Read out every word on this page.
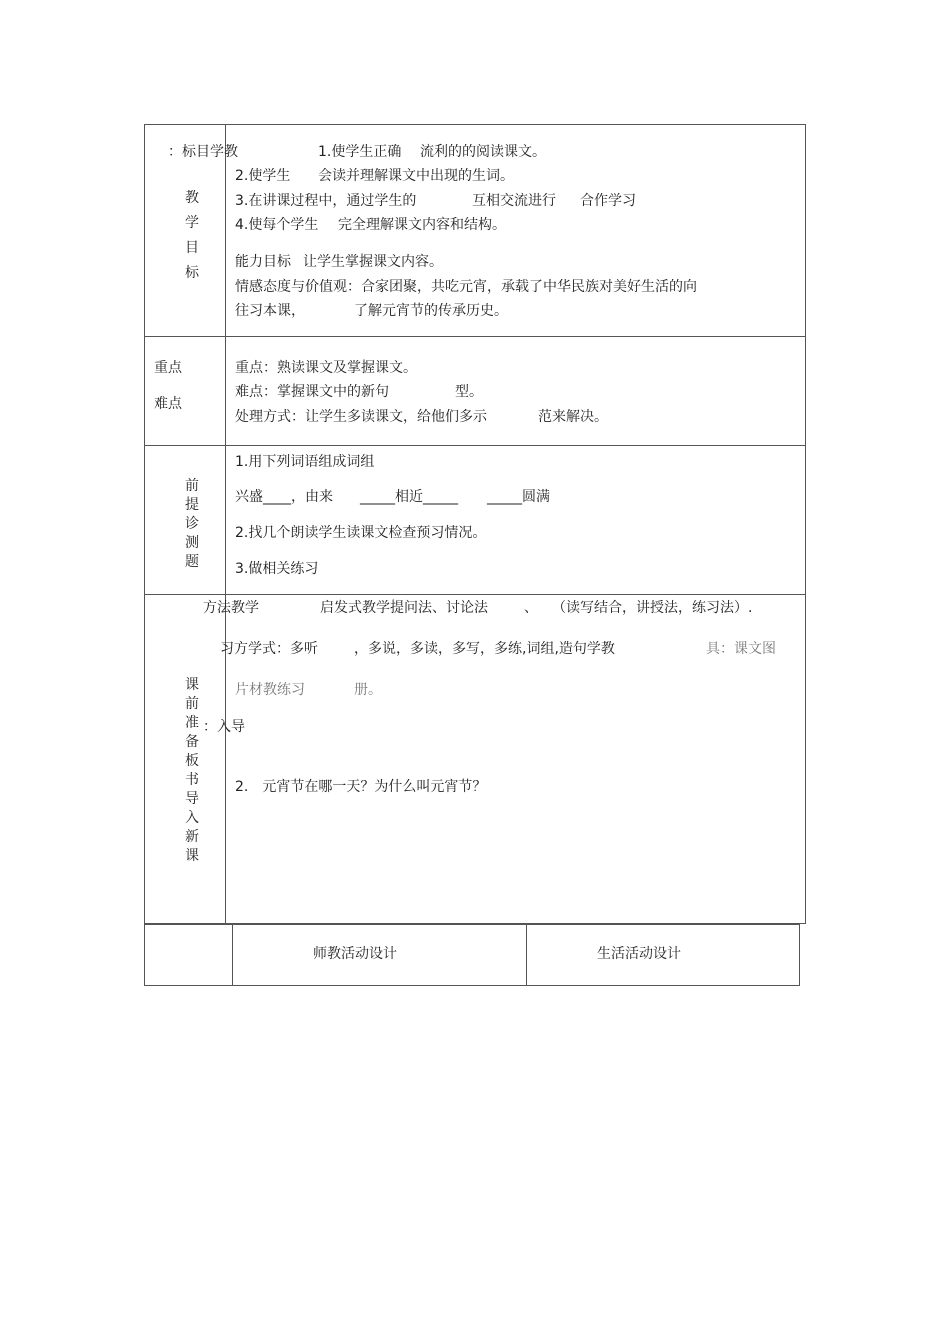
：标目学教
教学目标
1.使学生正确 流利的的阅读课文。
2.使学生 会读并理解课文中出现的生词。
3.在讲课过程中，通过学生的	互相交流进行 合作学习
4.使每个学生 完全理解课文内容和结构。
能力目标 让学生掌握课文内容。
情感态度与价值观：合家团聚，共吃元宵，承载了中华民族对美好生活的向
往习本课，	了解元宵节的传承历史。
重点
难点
重点：熟读课文及掌握课文。
难点：掌握课文中的新句	型。
处理方式：让学生多读课文，给他们多示	范来解决。
前提诊测题
1.用下列词语组成词组
兴盛____，由来 _____相近_____ _____圆满
2.找几个朗读学生读课文检查预习情况。
3.做相关练习
课前准备板书导入新课
方法教学	启发式教学提问法、讨论法	、 （读写结合，讲授法，练习法）.
习方学式：多听	，多说，多读，多写，多练,词组,造句学教	具：课文图
片材教练习	册。
：入导
2.　元宵节在哪一天？为什么叫元宵节？
师教活动设计	生活活动设计
